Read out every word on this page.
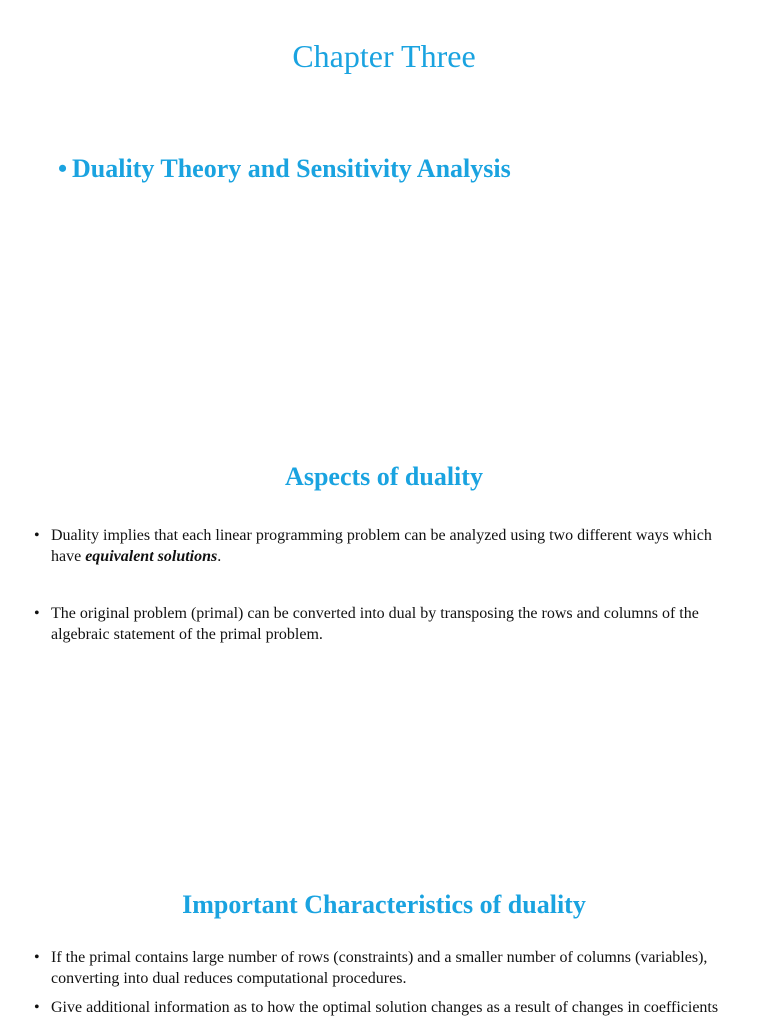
Chapter Three
• Duality Theory and Sensitivity Analysis
Aspects of duality
• Duality implies that each linear programming problem can be analyzed using two different ways which have equivalent solutions.
• The original problem (primal) can be converted into dual by transposing the rows and columns of the algebraic statement of the primal problem.
Important Characteristics of duality
• If the primal contains large number of rows (constraints) and a smaller number of columns (variables), converting into dual reduces computational procedures.
• Give additional information as to how the optimal solution changes as a result of changes in coefficients
